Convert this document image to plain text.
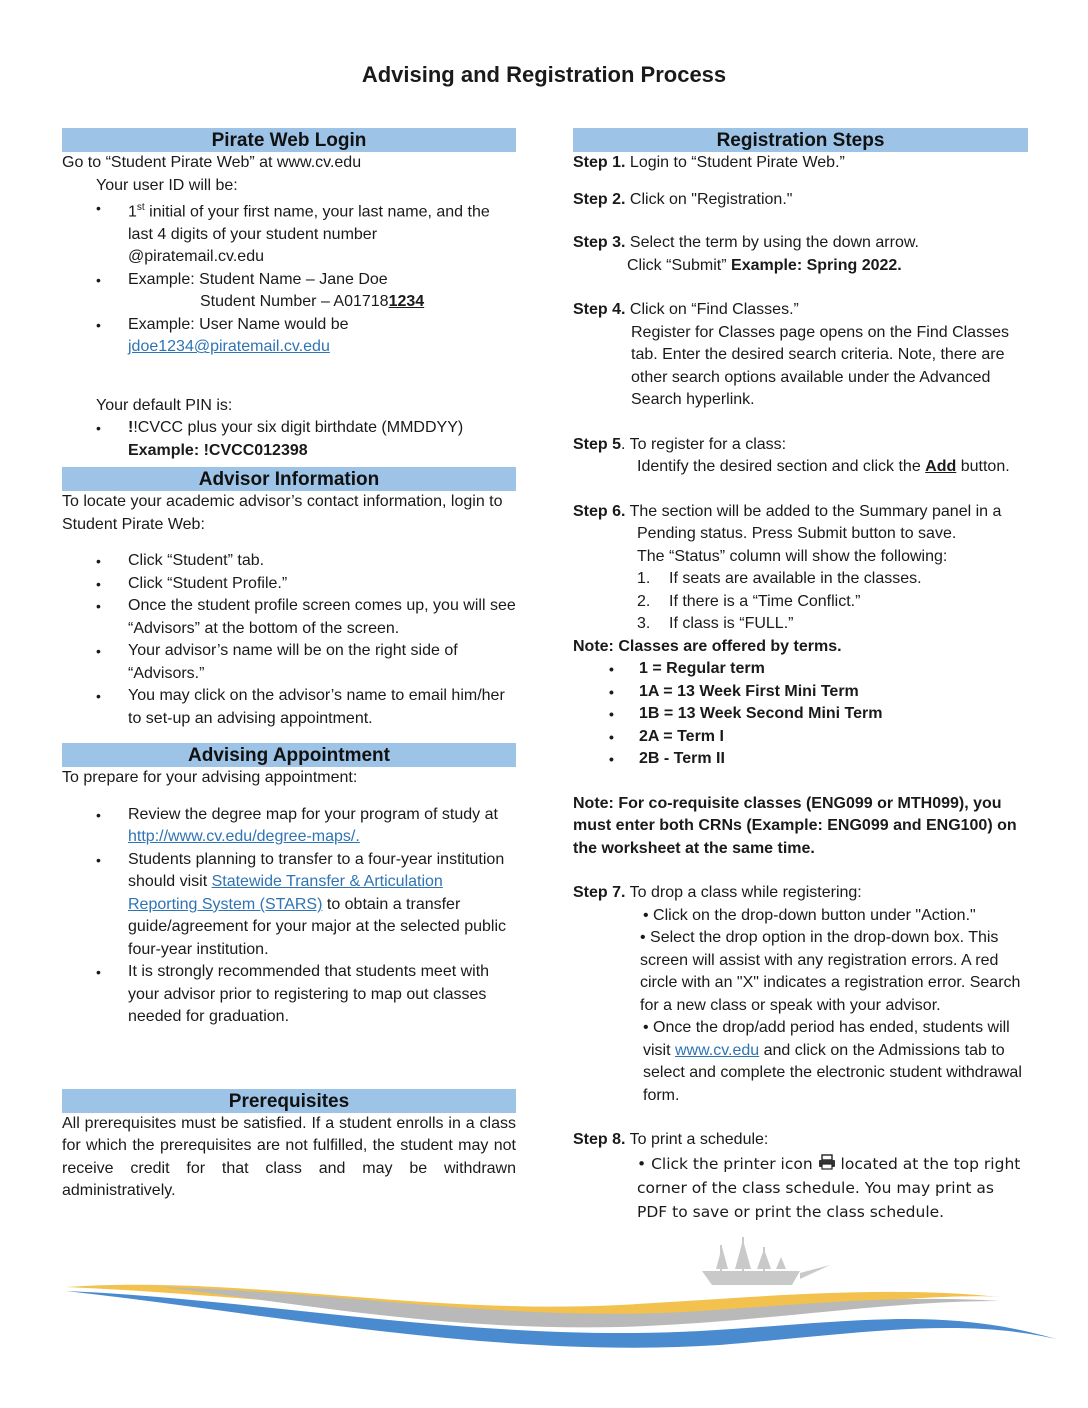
Advising and Registration Process
Pirate Web Login

Go to “Student Pirate Web” at www.cv.edu

Your user ID will be:

• 1st initial of your first name, your last name, and the last 4 digits of your student number @piratemail.cv.edu
• Example: Student Name – Jane Doe
Student Number – A017181234
• Example: User Name would be
jdoe1234@piratemail.cv.edu

Your default PIN is:

• !!CVCC plus your six digit birthdate (MMDDYY)
Example: !CVCC012398
Advisor Information

To locate your academic advisor’s contact information, login to Student Pirate Web:

• Click “Student” tab.
• Click “Student Profile.”
• Once the student profile screen comes up, you will see “Advisors” at the bottom of the screen.
• Your advisor’s name will be on the right side of “Advisors.”
• You may click on the advisor’s name to email him/her to set-up an advising appointment.
Advising Appointment

To prepare for your advising appointment:

• Review the degree map for your program of study at
http://www.cv.edu/degree-maps/.
• Students planning to transfer to a four-year institution should visit Statewide Transfer & Articulation Reporting System (STARS) to obtain a transfer guide/agreement for your major at the selected public four-year institution.
• It is strongly recommended that students meet with your advisor prior to registering to map out classes needed for graduation.
Prerequisites

All prerequisites must be satisfied. If a student enrolls in a class for which the prerequisites are not fulfilled, the student may not receive credit for that class and may be withdrawn administratively.

Registration Steps

Step 1. Login to “Student Pirate Web.”

Step 2. Click on "Registration."

Step 3. Select the term by using the down arrow.

Click “Submit” Example: Spring 2022.

Step 4. Click on “Find Classes.”

Register for Classes page opens on the Find Classes tab. Enter the desired search criteria. Note, there are other search options available under the Advanced Search hyperlink.

Step 5. To register for a class:

Identify the desired section and click the Add button.

Step 6. The section will be added to the Summary panel in a

Pending status. Press Submit button to save.

The “Status” column will show the following:

1. If seats are available in the classes.
2. If there is a “Time Conflict.”
3. If class is “FULL.”

Note: Classes are offered by terms.

• 1 = Regular term
• 1A = 13 Week First Mini Term
• 1B = 13 Week Second Mini Term
• 2A = Term I
• 2B - Term II

Note: For co-requisite classes (ENG099 or MTH099), you must enter both CRNs (Example: ENG099 and ENG100) on the worksheet at the same time.

Step 7. To drop a class while registering:

• Click on the drop-down button under "Action."

• Select the drop option in the drop-down box. This screen will assist with any registration errors. A red circle with an "X" indicates a registration error. Search for a new class or speak with your advisor.

• Once the drop/add period has ended, students will visit www.cv.edu and click on the Admissions tab to select and complete the electronic student withdrawal form.

Step 8. To print a schedule:

• Click the printer icon  located at the top right corner of the class schedule. You may print as PDF to save or print the class schedule.
